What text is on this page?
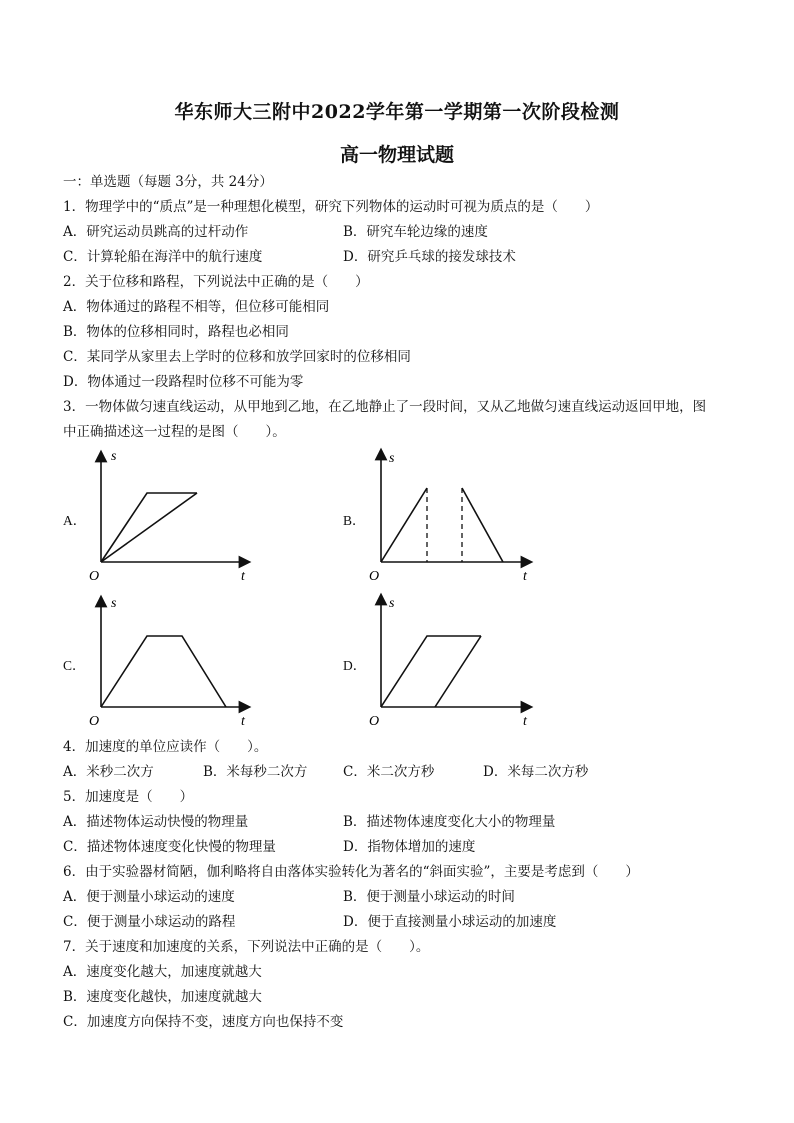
华东师大三附中2022学年第一学期第一次阶段检测
高一物理试题
一：单选题（每题 3分，共 24分）
1．物理学中的“质点”是一种理想化模型，研究下列物体的运动时可视为质点的是（　　）
A．研究运动员跳高的过杆动作	B．研究车轮边缘的速度
C．计算轮船在海洋中的航行速度	D．研究乒乓球的接发球技术
2．关于位移和路程，下列说法中正确的是（　　）
A．物体通过的路程不相等，但位移可能相同
B．物体的位移相同时，路程也必相同
C．某同学从家里去上学时的位移和放学回家时的位移相同
D．物体通过一段路程时位移不可能为零
3．一物体做匀速直线运动，从甲地到乙地，在乙地静止了一段时间，又从乙地做匀速直线运动返回甲地，图
中正确描述这一过程的是图（　　）。
A．	B．
C．	D．
s
t
O
s
t
O
s
t
O
s
t
O
4．加速度的单位应读作（　　）。
A．米秒二次方	B．米每秒二次方	C．米二次方秒	D．米每二次方秒
5．加速度是（　　）
A．描述物体运动快慢的物理量	B．描述物体速度变化大小的物理量
C．描述物体速度变化快慢的物理量	D．指物体增加的速度
6．由于实验器材简陋，伽利略将自由落体实验转化为著名的“斜面实验”，主要是考虑到（　　）
A．便于测量小球运动的速度	B．便于测量小球运动的时间
C．便于测量小球运动的路程	D．便于直接测量小球运动的加速度
7．关于速度和加速度的关系，下列说法中正确的是（　　）。
A．速度变化越大，加速度就越大
B．速度变化越快，加速度就越大
C．加速度方向保持不变，速度方向也保持不变
